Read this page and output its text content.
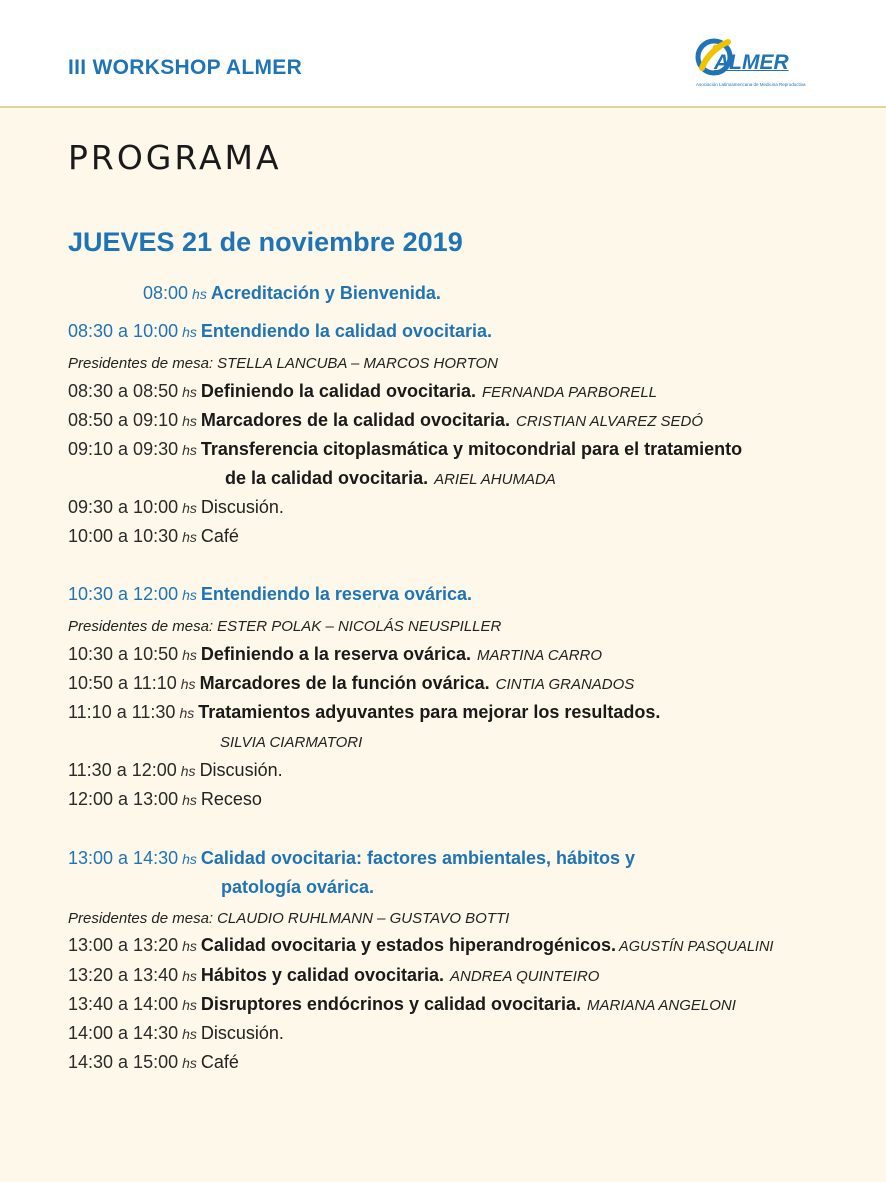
III WORKSHOP ALMER	ALMER
Asociación Latinoamericana de Medicina Reproductiva
PROGRAMA
JUEVES 21 de noviembre 2019
08:00 hs Acreditación y Bienvenida.
08:30 a 10:00 hs Entendiendo la calidad ovocitaria.
Presidentes de mesa: STELLA LANCUBA – MARCOS HORTON
08:30 a 08:50 hs Definiendo la calidad ovocitaria. FERNANDA PARBORELL
08:50 a 09:10 hs Marcadores de la calidad ovocitaria. CRISTIAN ALVAREZ SEDÓ
09:10 a 09:30 hs Transferencia citoplasmática y mitocondrial para el tratamiento
de la calidad ovocitaria. ARIEL AHUMADA
09:30 a 10:00 hs Discusión.
10:00 a 10:30 hs Café
10:30 a 12:00 hs Entendiendo la reserva ovárica.
Presidentes de mesa: ESTER POLAK – NICOLÁS NEUSPILLER
10:30 a 10:50 hs Definiendo a la reserva ovárica. MARTINA CARRO
10:50 a 11:10 hs Marcadores de la función ovárica. CINTIA GRANADOS
11:10 a 11:30 hs Tratamientos adyuvantes para mejorar los resultados.
SILVIA CIARMATORI
11:30 a 12:00 hs Discusión.
12:00 a 13:00 hs Receso
13:00 a 14:30 hs Calidad ovocitaria: factores ambientales, hábitos y
patología ovárica.
Presidentes de mesa: CLAUDIO RUHLMANN – GUSTAVO BOTTI
13:00 a 13:20 hs Calidad ovocitaria y estados hiperandrogénicos. AGUSTÍN PASQUALINI
13:20 a 13:40 hs Hábitos y calidad ovocitaria. ANDREA QUINTEIRO
13:40 a 14:00 hs Disruptores endócrinos y calidad ovocitaria. MARIANA ANGELONI
14:00 a 14:30 hs Discusión.
14:30 a 15:00 hs Café
